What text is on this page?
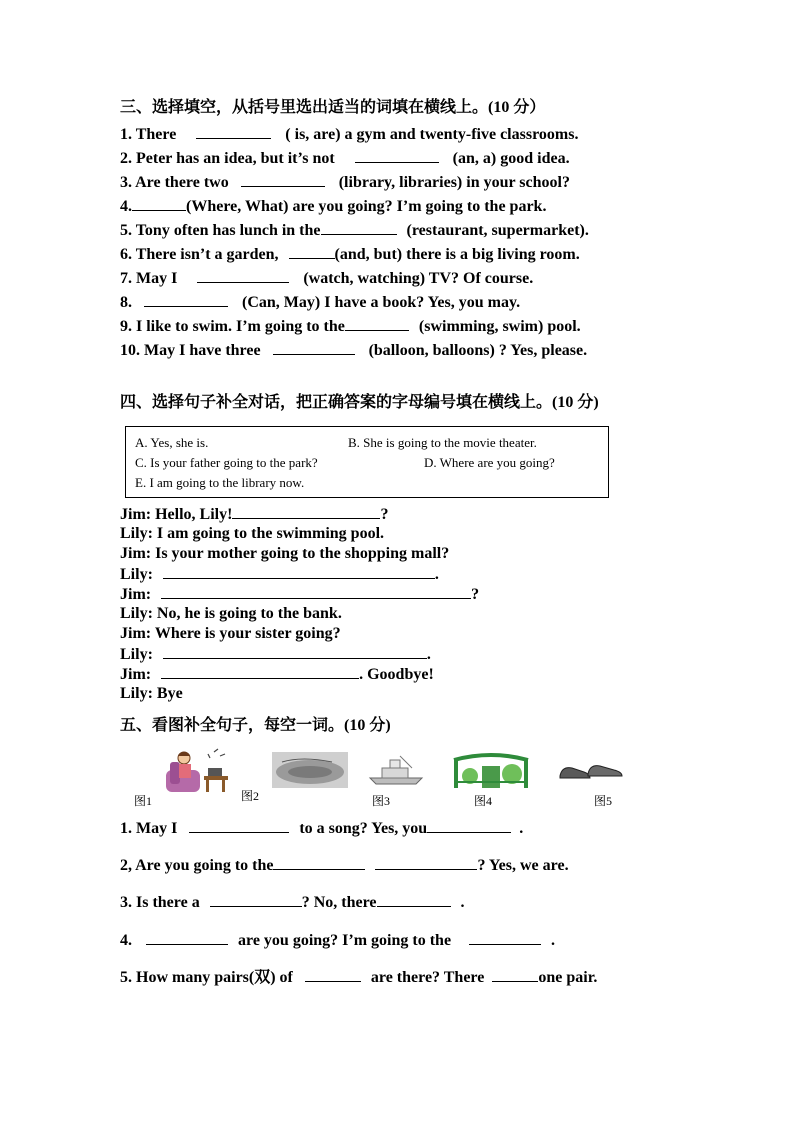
三、选择填空，从括号里选出适当的词填在横线上。(10 分）
1. There	( is, are) a gym and twenty-five classrooms.
2. Peter has an idea, but it’s not	(an, a) good idea.
3. Are there two	(library, libraries) in your school?
4.	(Where, What) are you going? I’m going to the park.
5. Tony often has lunch in the	(restaurant, supermarket).
6. There isn’t a garden,	(and, but) there is a big living room.
7. May I	(watch, watching) TV? Of course.
8.	(Can, May) I have a book? Yes, you may.
9. I like to swim. I’m going to the	(swimming, swim) pool.
10. May I have three	(balloon, balloons) ? Yes, please.
四、选择句子补全对话，把正确答案的字母编号填在横线上。(10 分)
A. Yes, she is.	B. She is going to the movie theater.
C. Is your father going to the park?	D. Where are you going?
E. I am going to the library now.
Jim: Hello, Lily!	?
Lily: I am going to the swimming pool.
Jim: Is your mother going to the shopping mall?
Lily:	.
Jim:	?
Lily: No, he is going to the bank.
Jim: Where is your sister going?
Lily:	.
Jim:	. Goodbye!
Lily: Bye
五、看图补全句子，每空一词。(10 分)
图1	图2	图3	图4	图5
1. May I	to a song? Yes, you	.
2, Are you going to the	? Yes, we are.
3. Is there a	? No, there	.
4.	are you going? I’m going to the	.
5. How many pairs(双) of	are there? There	one pair.
